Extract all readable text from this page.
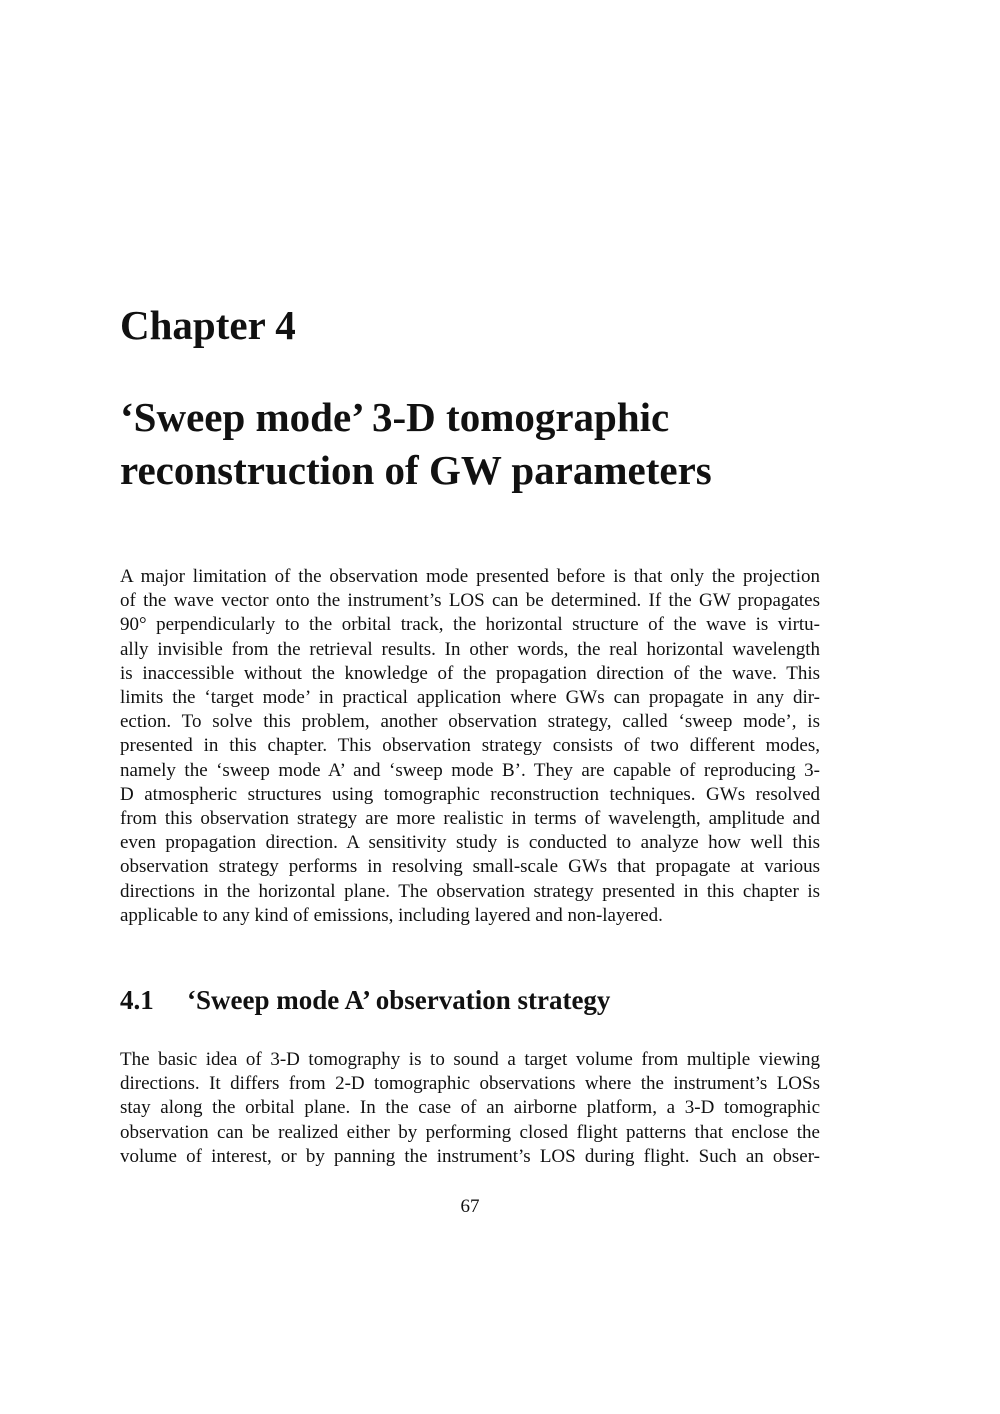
Chapter 4
‘Sweep mode’ 3-D tomographic
reconstruction of GW parameters

A major limitation of the observation mode presented before is that only the projection
of the wave vector onto the instrument’s LOS can be determined. If the GW propagates
90° perpendicularly to the orbital track, the horizontal structure of the wave is virtu-
ally invisible from the retrieval results. In other words, the real horizontal wavelength
is inaccessible without the knowledge of the propagation direction of the wave. This
limits the ‘target mode’ in practical application where GWs can propagate in any dir-
ection. To solve this problem, another observation strategy, called ‘sweep mode’, is
presented in this chapter. This observation strategy consists of two different modes,
namely the ‘sweep mode A’ and ‘sweep mode B’. They are capable of reproducing 3-
D atmospheric structures using tomographic reconstruction techniques. GWs resolved
from this observation strategy are more realistic in terms of wavelength, amplitude and
even propagation direction. A sensitivity study is conducted to analyze how well this
observation strategy performs in resolving small-scale GWs that propagate at various
directions in the horizontal plane. The observation strategy presented in this chapter is
applicable to any kind of emissions, including layered and non-layered.

4.1 ‘Sweep mode A’ observation strategy

The basic idea of 3-D tomography is to sound a target volume from multiple viewing
directions. It differs from 2-D tomographic observations where the instrument’s LOSs
stay along the orbital plane. In the case of an airborne platform, a 3-D tomographic
observation can be realized either by performing closed flight patterns that enclose the
volume of interest, or by panning the instrument’s LOS during flight. Such an obser-

67
